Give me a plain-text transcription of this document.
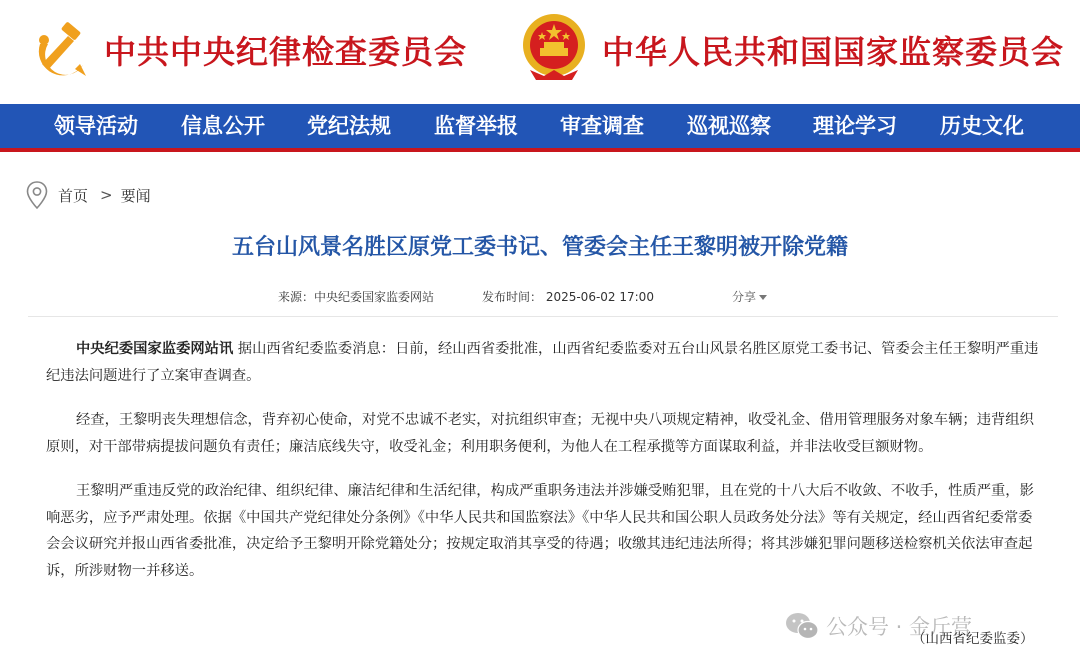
中共中央纪律检查委员会	中华人民共和国国家监察委员会
领导活动 信息公开 党纪法规 监督举报 审查调查 巡视巡察 理论学习 历史文化
首页 > 要闻
五台山风景名胜区原党工委书记、管委会主任王黎明被开除党籍
来源：中央纪委国家监委网站	发布时间： 2025-06-02 17:00	分享

中央纪委国家监委网站讯 据山西省纪委监委消息：日前，经山西省委批准，山西省纪委监委对五台山风景名胜区原党工委书记、管委会主任王黎明严重违纪违法问题进行了立案审查调查。

经查，王黎明丧失理想信念，背弃初心使命，对党不忠诚不老实，对抗组织审查；无视中央八项规定精神，收受礼金、借用管理服务对象车辆；违背组织原则，对干部带病提拔问题负有责任；廉洁底线失守，收受礼金；利用职务便利，为他人在工程承揽等方面谋取利益，并非法收受巨额财物。

王黎明严重违反党的政治纪律、组织纪律、廉洁纪律和生活纪律，构成严重职务违法并涉嫌受贿犯罪，且在党的十八大后不收敛、不收手，性质严重，影响恶劣，应予严肃处理。依据《中国共产党纪律处分条例》《中华人民共和国监察法》《中华人民共和国公职人员政务处分法》等有关规定，经山西省纪委常委会会议研究并报山西省委批准，决定给予王黎明开除党籍处分；按规定取消其享受的待遇；收缴其违纪违法所得；将其涉嫌犯罪问题移送检察机关依法审查起诉，所涉财物一并移送。

公众号 · 金斤营
（山西省纪委监委）
